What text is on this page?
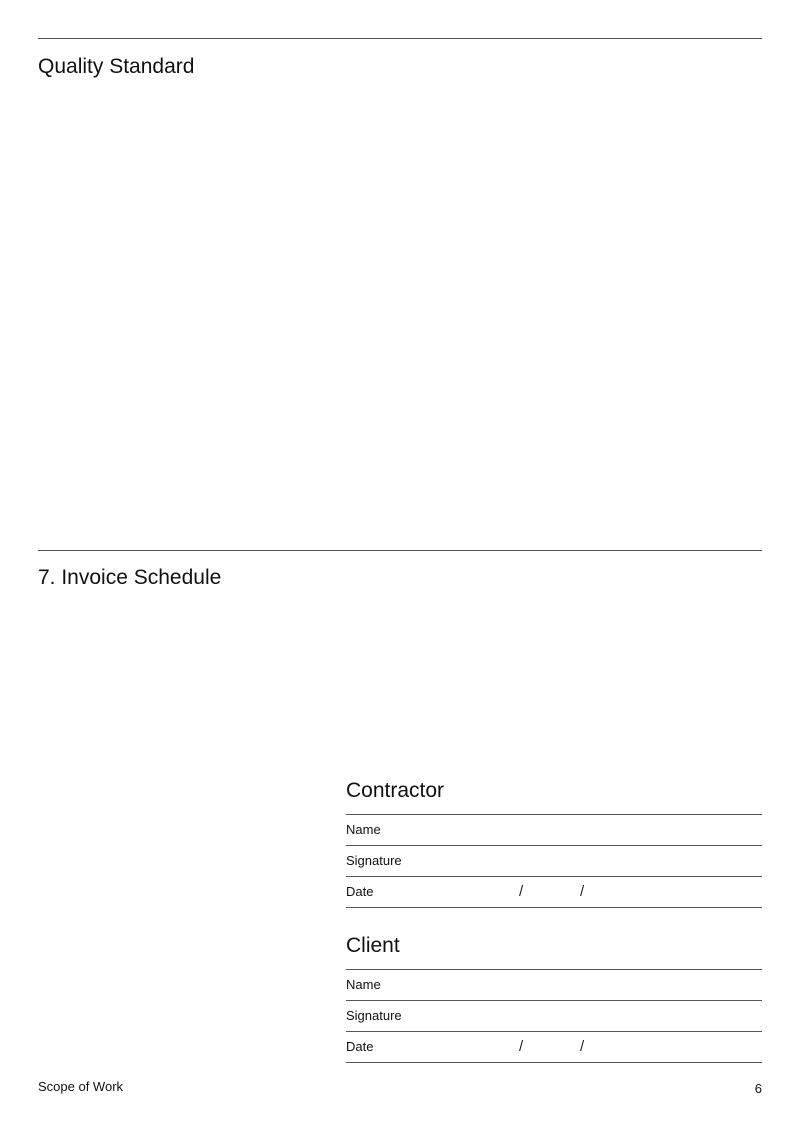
Quality Standard
7. Invoice Schedule
Contractor
Name
Signature
Date	/	/
Client
Name
Signature
Date	/	/
Scope of Work	6
